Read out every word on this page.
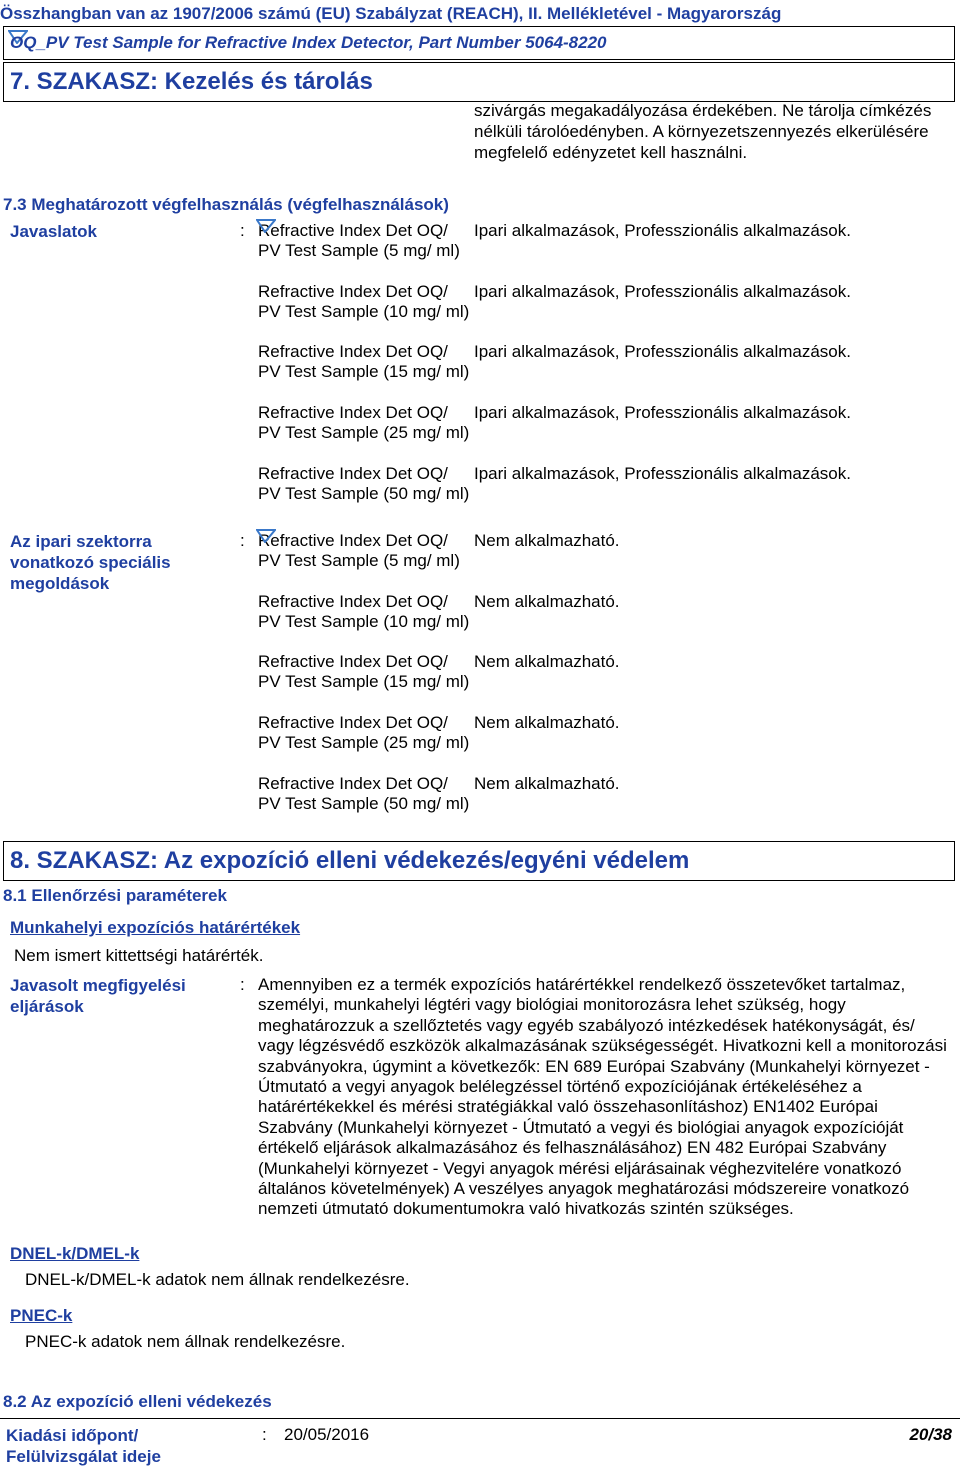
Összhangban van az 1907/2006 számú (EU) Szabályzat (REACH), II. Mellékletével - Magyarország
OQ_PV Test Sample for Refractive Index Detector, Part Number 5064-8220
7. SZAKASZ: Kezelés és tárolás
szivárgás megakadályozása érdekében. Ne tárolja címkézés nélküli tárolóedényben. A környezetszennyezés elkerülésére megfelelő edényzetet kell használni.
7.3 Meghatározott végfelhasználás (végfelhasználások)
Javaslatok	: Refractive Index Det OQ/ PV Test Sample (5 mg/ ml)
Ipari alkalmazások, Professzionális alkalmazások.
Refractive Index Det OQ/ PV Test Sample (10 mg/ ml)
Ipari alkalmazások, Professzionális alkalmazások.
Refractive Index Det OQ/ PV Test Sample (15 mg/ ml)
Ipari alkalmazások, Professzionális alkalmazások.
Refractive Index Det OQ/ PV Test Sample (25 mg/ ml)
Ipari alkalmazások, Professzionális alkalmazások.
Refractive Index Det OQ/ PV Test Sample (50 mg/ ml)
Ipari alkalmazások, Professzionális alkalmazások.
Az ipari szektorra vonatkozó speciális megoldások
: Refractive Index Det OQ/ PV Test Sample (5 mg/ ml)
Nem alkalmazható.
Refractive Index Det OQ/ PV Test Sample (10 mg/ ml)
Nem alkalmazható.
Refractive Index Det OQ/ PV Test Sample (15 mg/ ml)
Nem alkalmazható.
Refractive Index Det OQ/ PV Test Sample (25 mg/ ml)
Nem alkalmazható.
Refractive Index Det OQ/ PV Test Sample (50 mg/ ml)
Nem alkalmazható.
8. SZAKASZ: Az expozíció elleni védekezés/egyéni védelem
8.1 Ellenőrzési paraméterek
Munkahelyi expozíciós határértékek
Nem ismert kittettségi határérték.
Javasolt megfigyelési eljárások
: Amennyiben ez a termék expozíciós határértékkel rendelkező összetevőket tartalmaz, személyi, munkahelyi légtéri vagy biológiai monitorozásra lehet szükség, hogy meghatározzuk a szellőztetés vagy egyéb szabályozó intézkedések hatékonyságát, és/ vagy légzésvédő eszközök alkalmazásának szükségességét. Hivatkozni kell a monitorozási szabványokra, úgymint a következők: EN 689 Európai Szabvány (Munkahelyi környezet - Útmutató a vegyi anyagok belélegzéssel történő expozíciójának értékeléséhez a határértékekkel és mérési stratégiákkal való összehasonlításhoz) EN1402 Európai Szabvány (Munkahelyi környezet - Útmutató a vegyi és biológiai anyagok expozícióját értékelő eljárások alkalmazásához és felhasználásához) EN 482 Európai Szabvány (Munkahelyi környezet - Vegyi anyagok mérési eljárásainak véghezvitelére vonatkozó általános követelmények) A veszélyes anyagok meghatározási módszereire vonatkozó nemzeti útmutató dokumentumokra való hivatkozás szintén szükséges.
DNEL-k/DMEL-k
DNEL-k/DMEL-k adatok nem állnak rendelkezésre.
PNEC-k
PNEC-k adatok nem állnak rendelkezésre.
8.2 Az expozíció elleni védekezés
Kiadási időpont/ Felülvizsgálat ideje
: 20/05/2016	20/38
